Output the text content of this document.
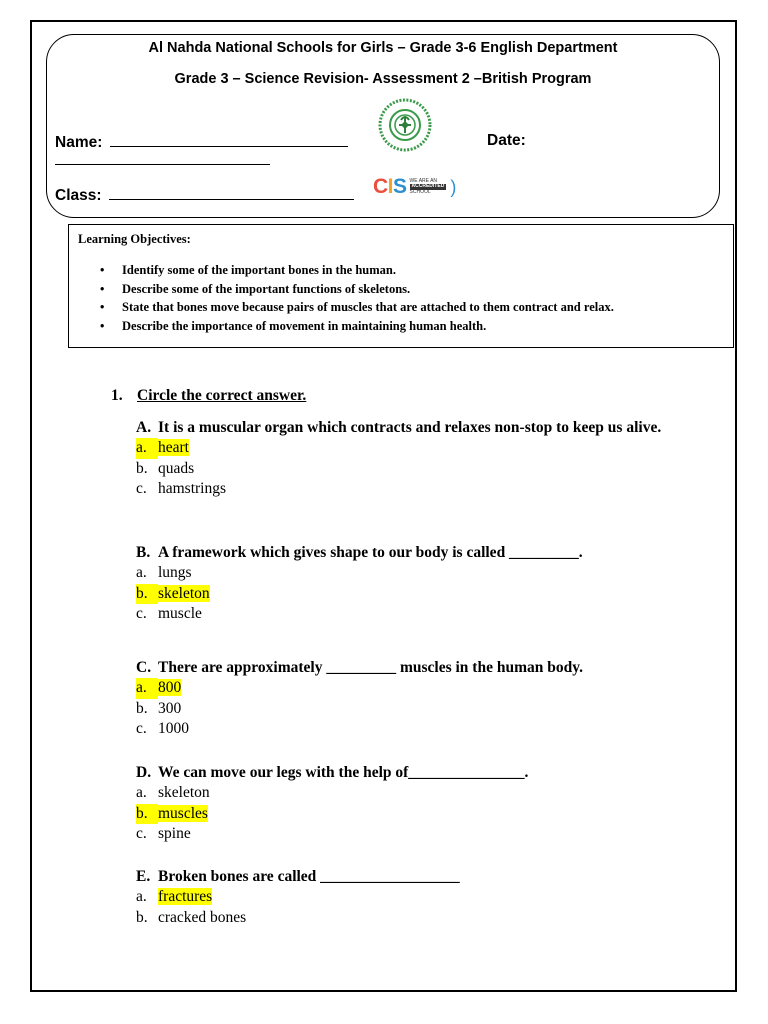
Al Nahda National Schools for Girls – Grade 3-6 English Department
Grade 3 – Science Revision- Assessment 2 –British Program
Name:	Date:
Class:	CIS WE ARE AN
ACCREDITED
SCHOOL	)
Learning Objectives:
• Identify some of the important bones in the human.
• Describe some of the important functions of skeletons.
• State that bones move because pairs of muscles that are attached to them contract and relax.
• Describe the importance of movement in maintaining human health.
1. Circle the correct answer.
A. It is a muscular organ which contracts and relaxes non-stop to keep us alive.
a. heart
b. quads
c. hamstrings
B. A framework which gives shape to our body is called _________.
a. lungs
b. skeleton
c. muscle
C. There are approximately _________ muscles in the human body.
a. 800
b. 300
c. 1000
D. We can move our legs with the help of_______________.
a. skeleton
b. muscles
c. spine
E. Broken bones are called __________________
a. fractures
b. cracked bones
